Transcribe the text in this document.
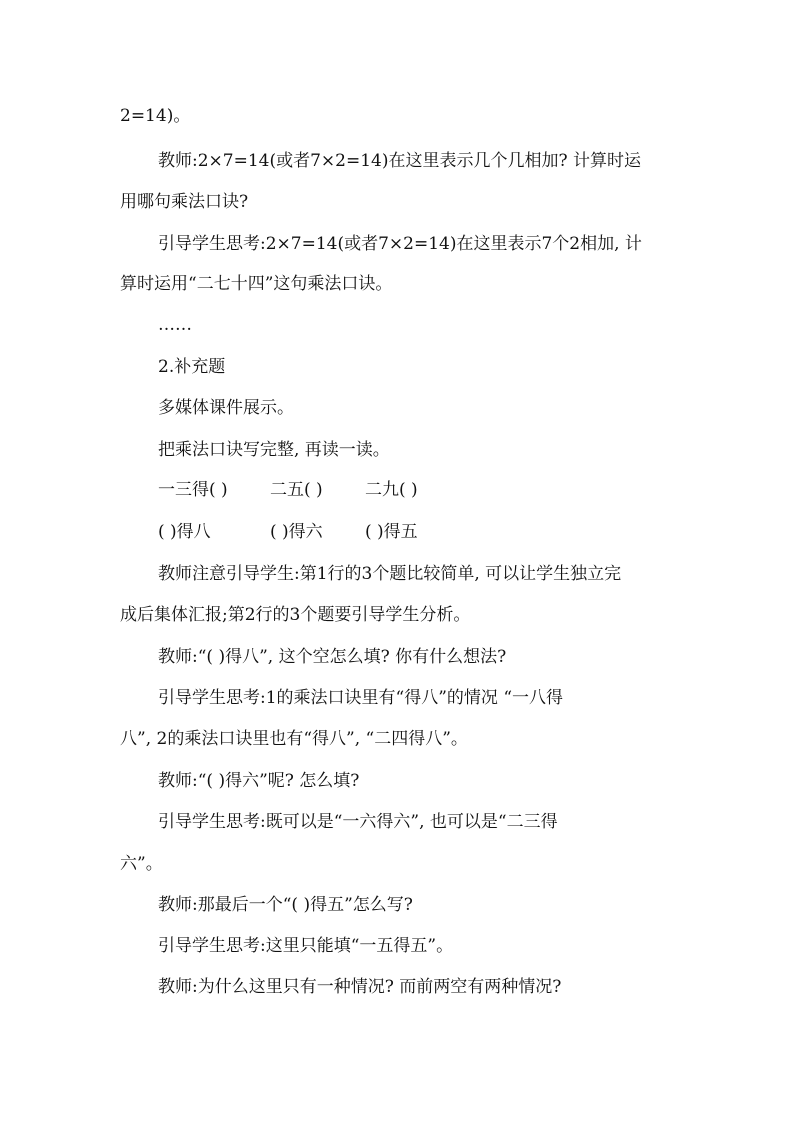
2=14)。
教师:2×7=14(或者7×2=14)在这里表示几个几相加? 计算时运
用哪句乘法口诀?
引导学生思考:2×7=14(或者7×2=14)在这里表示7个2相加, 计
算时运用“二七十四”这句乘法口诀。
……
2.补充题
多媒体课件展示。
把乘法口诀写完整, 再读一读。
一三得( ) 二五( ) 二九( )
( )得八	( )得六 ( )得五
教师注意引导学生:第1行的3个题比较简单, 可以让学生独立完
成后集体汇报;第2行的3个题要引导学生分析。
教师:“( )得八”, 这个空怎么填? 你有什么想法?
引导学生思考:1的乘法口诀里有“得八”的情况 “一八得
八”, 2的乘法口诀里也有“得八”, “二四得八”。
教师:“( )得六”呢? 怎么填?
引导学生思考:既可以是“一六得六”, 也可以是“二三得
六”。
教师:那最后一个“( )得五”怎么写?
引导学生思考:这里只能填“一五得五”。
教师:为什么这里只有一种情况? 而前两空有两种情况?
